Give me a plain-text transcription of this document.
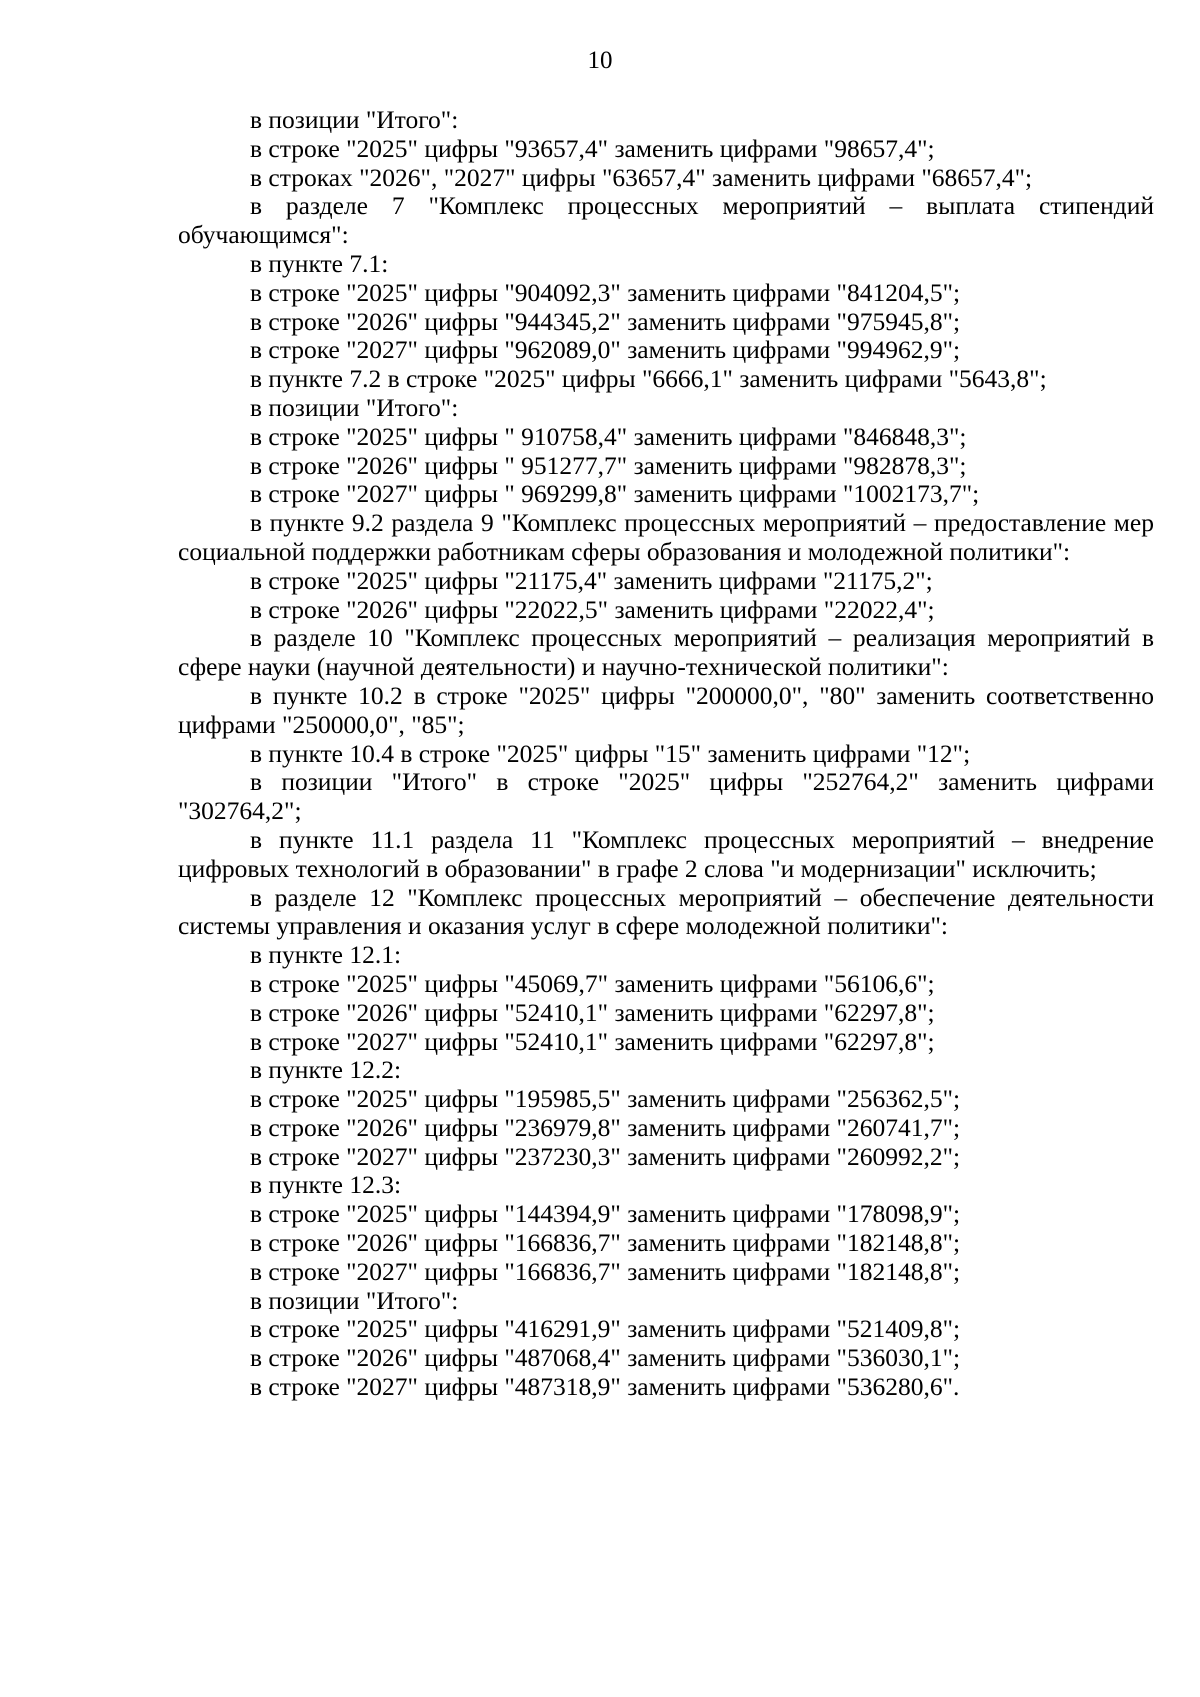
10

в позиции "Итого":

в строке "2025" цифры "93657,4" заменить цифрами "98657,4";

в строках "2026", "2027" цифры "63657,4" заменить цифрами "68657,4";

в разделе 7 "Комплекс процессных мероприятий – выплата стипендий обучающимся":

в пункте 7.1:

в строке "2025" цифры "904092,3" заменить цифрами "841204,5";

в строке "2026" цифры "944345,2" заменить цифрами "975945,8";

в строке "2027" цифры "962089,0" заменить цифрами "994962,9";

в пункте 7.2 в строке "2025" цифры "6666,1" заменить цифрами "5643,8";

в позиции "Итого":

в строке "2025" цифры " 910758,4" заменить цифрами "846848,3";

в строке "2026" цифры " 951277,7" заменить цифрами "982878,3";

в строке "2027" цифры " 969299,8" заменить цифрами "1002173,7";

в пункте 9.2 раздела 9 "Комплекс процессных мероприятий – предоставление мер социальной поддержки работникам сферы образования и молодежной политики":

в строке "2025" цифры "21175,4" заменить цифрами "21175,2";

в строке "2026" цифры "22022,5" заменить цифрами "22022,4";

в разделе 10 "Комплекс процессных мероприятий – реализация мероприятий в сфере науки (научной деятельности) и научно-технической политики":

в пункте 10.2 в строке "2025" цифры "200000,0", "80" заменить соответственно цифрами "250000,0", "85";

в пункте 10.4 в строке "2025" цифры "15" заменить цифрами "12";

в позиции "Итого" в строке "2025" цифры "252764,2" заменить цифрами "302764,2";

в пункте 11.1 раздела 11 "Комплекс процессных мероприятий – внедрение цифровых технологий в образовании" в графе 2 слова "и модернизации" исключить;

в разделе 12 "Комплекс процессных мероприятий – обеспечение деятельности системы управления и оказания услуг в сфере молодежной политики":

в пункте 12.1:

в строке "2025" цифры "45069,7" заменить цифрами "56106,6";

в строке "2026" цифры "52410,1" заменить цифрами "62297,8";

в строке "2027" цифры "52410,1" заменить цифрами "62297,8";

в пункте 12.2:

в строке "2025" цифры "195985,5" заменить цифрами "256362,5";

в строке "2026" цифры "236979,8" заменить цифрами "260741,7";

в строке "2027" цифры "237230,3" заменить цифрами "260992,2";

в пункте 12.3:

в строке "2025" цифры "144394,9" заменить цифрами "178098,9";

в строке "2026" цифры "166836,7" заменить цифрами "182148,8";

в строке "2027" цифры "166836,7" заменить цифрами "182148,8";

в позиции "Итого":

в строке "2025" цифры "416291,9" заменить цифрами "521409,8";

в строке "2026" цифры "487068,4" заменить цифрами "536030,1";

в строке "2027" цифры "487318,9" заменить цифрами "536280,6".
